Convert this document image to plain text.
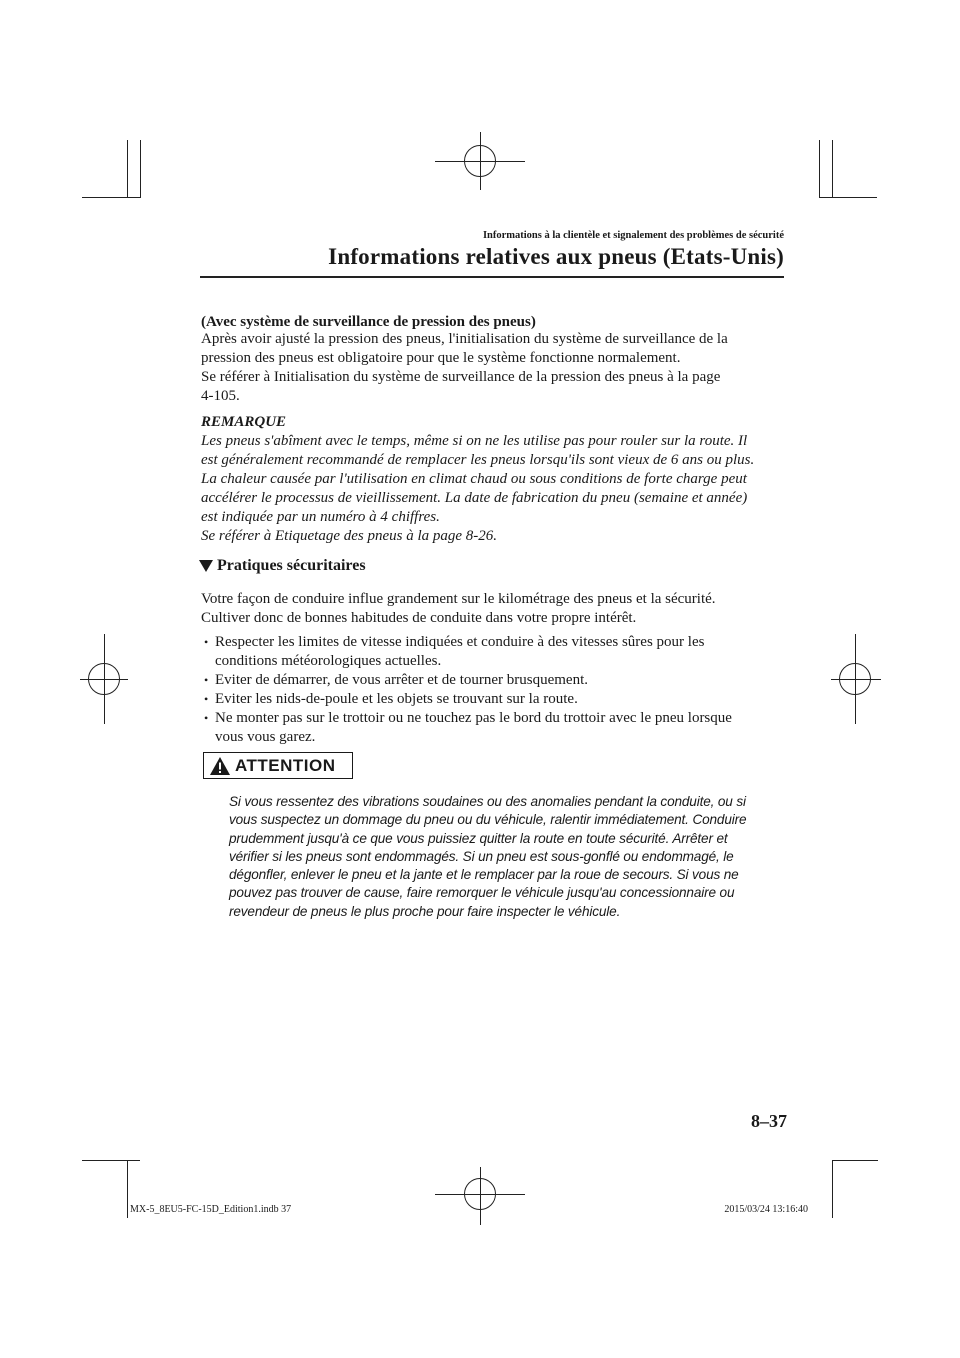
Informations à la clientèle et signalement des problèmes de sécurité
Informations relatives aux pneus (Etats-Unis)
(Avec système de surveillance de pression des pneus)
Après avoir ajusté la pression des pneus, l'initialisation du système de surveillance de la
pression des pneus est obligatoire pour que le système fonctionne normalement.
Se référer à Initialisation du système de surveillance de la pression des pneus à la page
4-105.
REMARQUE
Les pneus s'abîment avec le temps, même si on ne les utilise pas pour rouler sur la route. Il
est généralement recommandé de remplacer les pneus lorsqu'ils sont vieux de 6 ans ou plus.
La chaleur causée par l'utilisation en climat chaud ou sous conditions de forte charge peut
accélérer le processus de vieillissement. La date de fabrication du pneu (semaine et année)
est indiquée par un numéro à 4 chiffres.
Se référer à Etiquetage des pneus à la page 8-26.
Pratiques sécuritaires
Votre façon de conduire influe grandement sur le kilométrage des pneus et la sécurité.
Cultiver donc de bonnes habitudes de conduite dans votre propre intérêt.
• Respecter les limites de vitesse indiquées et conduire à des vitesses sûres pour les
conditions météorologiques actuelles.
• Eviter de démarrer, de vous arrêter et de tourner brusquement.
• Eviter les nids-de-poule et les objets se trouvant sur la route.
• Ne monter pas sur le trottoir ou ne touchez pas le bord du trottoir avec le pneu lorsque
vous vous garez.
ATTENTION
Si vous ressentez des vibrations soudaines ou des anomalies pendant la conduite, ou si
vous suspectez un dommage du pneu ou du véhicule, ralentir immédiatement. Conduire
prudemment jusqu'à ce que vous puissiez quitter la route en toute sécurité. Arrêter et
vérifier si les pneus sont endommagés. Si un pneu est sous-gonflé ou endommagé, le
dégonfler, enlever le pneu et la jante et le remplacer par la roue de secours. Si vous ne
pouvez pas trouver de cause, faire remorquer le véhicule jusqu'au concessionnaire ou
revendeur de pneus le plus proche pour faire inspecter le véhicule.
8–37
MX-5_8EU5-FC-15D_Edition1.indb 37	2015/03/24 13:16:40
